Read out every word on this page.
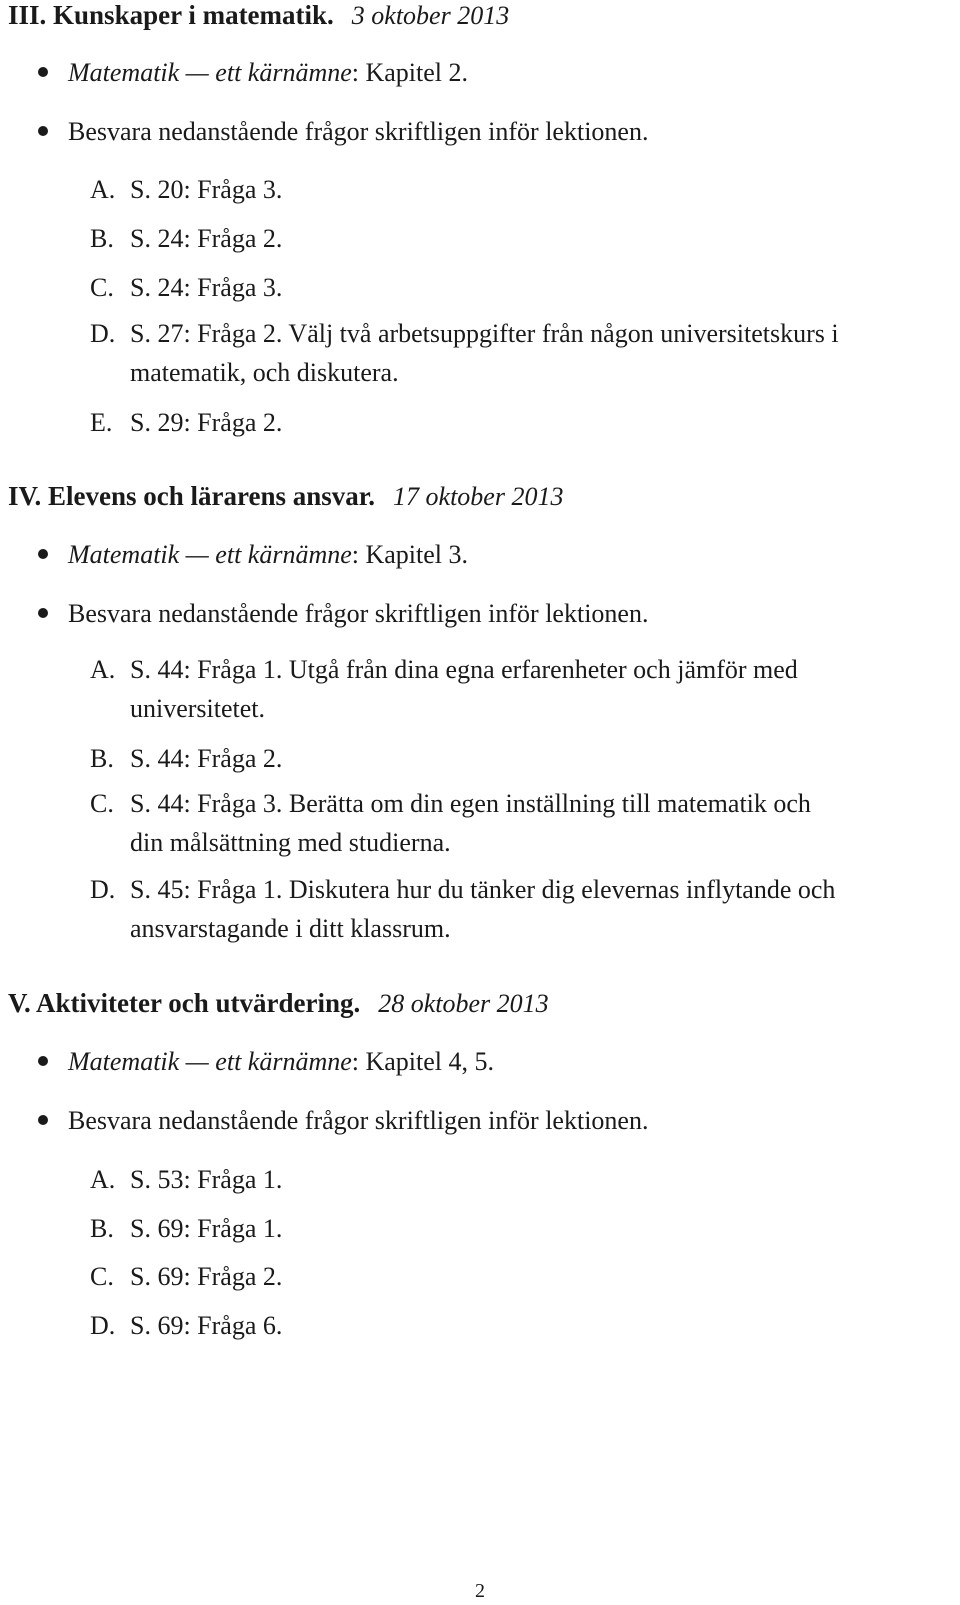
III. Kunskaper i matematik. 3 oktober 2013
Matematik — ett kärnämne: Kapitel 2.
Besvara nedanstående frågor skriftligen inför lektionen.
A. S. 20: Fråga 3.
B. S. 24: Fråga 2.
C. S. 24: Fråga 3.
D. S. 27: Fråga 2. Välj två arbetsuppgifter från någon universitetskurs i
matematik, och diskutera.
E. S. 29: Fråga 2.
IV. Elevens och lärarens ansvar. 17 oktober 2013
Matematik — ett kärnämne: Kapitel 3.
Besvara nedanstående frågor skriftligen inför lektionen.
A. S. 44: Fråga 1. Utgå från dina egna erfarenheter och jämför med
universitetet.
B. S. 44: Fråga 2.
C. S. 44: Fråga 3. Berätta om din egen inställning till matematik och
din målsättning med studierna.
D. S. 45: Fråga 1. Diskutera hur du tänker dig elevernas inflytande och
ansvarstagande i ditt klassrum.
V. Aktiviteter och utvärdering. 28 oktober 2013
Matematik — ett kärnämne: Kapitel 4, 5.
Besvara nedanstående frågor skriftligen inför lektionen.
A. S. 53: Fråga 1.
B. S. 69: Fråga 1.
C. S. 69: Fråga 2.
D. S. 69: Fråga 6.
2
